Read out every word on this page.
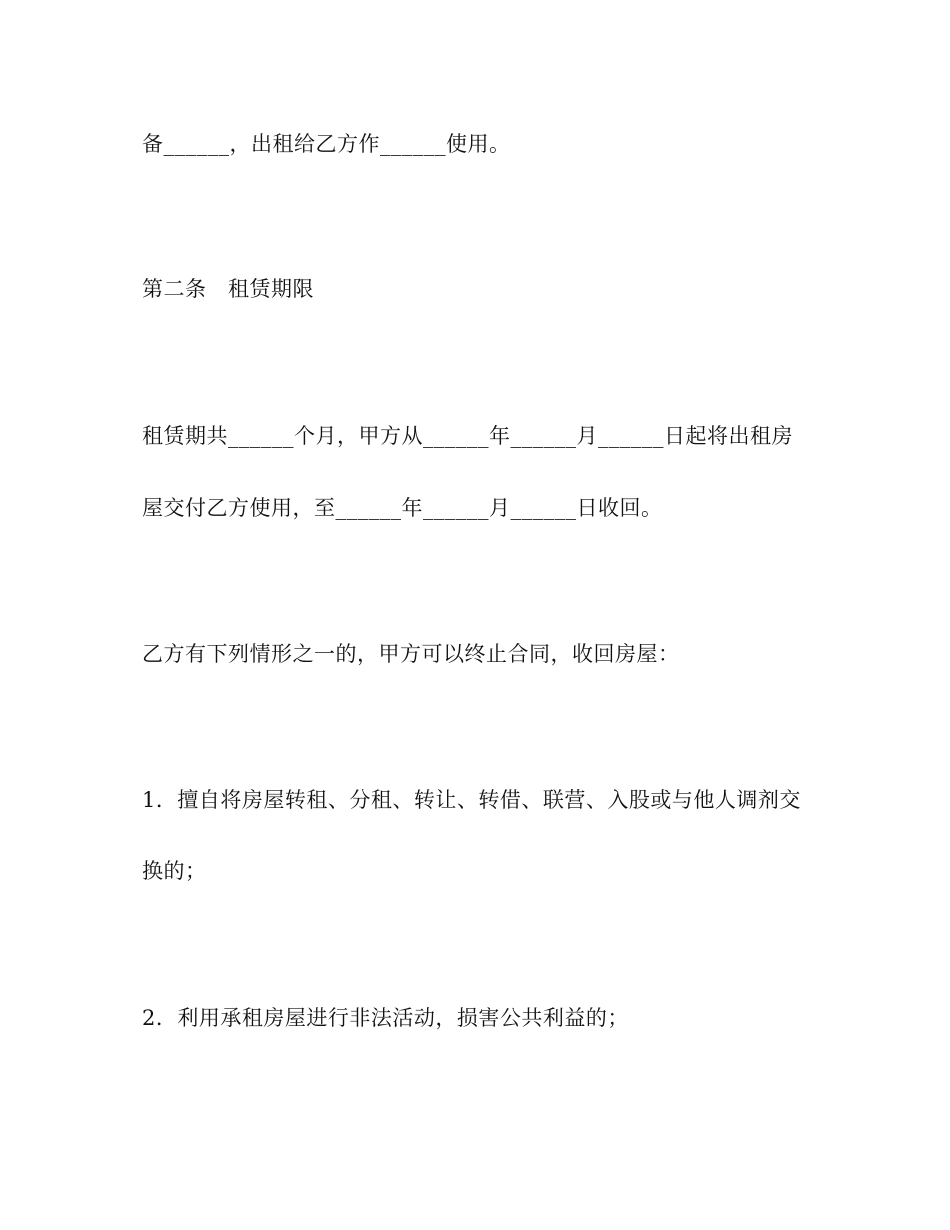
备______，出租给乙方作______使用。
第二条　租赁期限
租赁期共______个月，甲方从______年______月______日起将出租房
屋交付乙方使用，至______年______月______日收回。
乙方有下列情形之一的，甲方可以终止合同，收回房屋：
1．擅自将房屋转租、分租、转让、转借、联营、入股或与他人调剂交
换的；
2．利用承租房屋进行非法活动，损害公共利益的；
